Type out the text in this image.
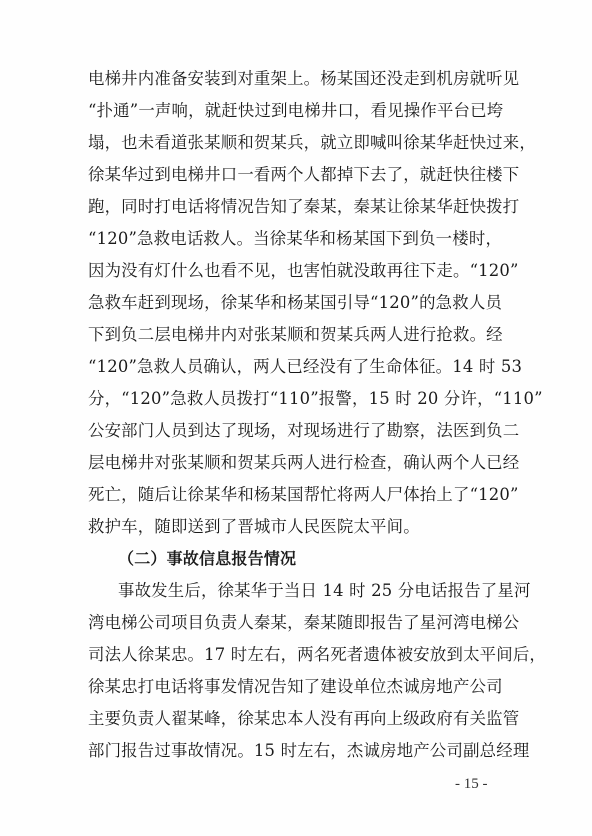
电梯井内准备安装到对重架上。杨某国还没走到机房就听见
“扑通”一声响，就赶快过到电梯井口，看见操作平台已垮
塌，也未看道张某顺和贺某兵，就立即喊叫徐某华赶快过来，
徐某华过到电梯井口一看两个人都掉下去了，就赶快往楼下
跑，同时打电话将情况告知了秦某，秦某让徐某华赶快拨打
“120”急救电话救人。当徐某华和杨某国下到负一楼时，
因为没有灯什么也看不见，也害怕就没敢再往下走。“120”
急救车赶到现场，徐某华和杨某国引导“120”的急救人员
下到负二层电梯井内对张某顺和贺某兵两人进行抢救。经
“120”急救人员确认，两人已经没有了生命体征。14 时 53
分，“120”急救人员拨打“110”报警，15 时 20 分许，“110”
公安部门人员到达了现场，对现场进行了勘察，法医到负二
层电梯井对张某顺和贺某兵两人进行检查，确认两个人已经
死亡，随后让徐某华和杨某国帮忙将两人尸体抬上了“120”
救护车，随即送到了晋城市人民医院太平间。
（二）事故信息报告情况
事故发生后，徐某华于当日 14 时 25 分电话报告了星河
湾电梯公司项目负责人秦某，秦某随即报告了星河湾电梯公
司法人徐某忠。17 时左右，两名死者遗体被安放到太平间后，
徐某忠打电话将事发情况告知了建设单位杰诚房地产公司
主要负责人翟某峰，徐某忠本人没有再向上级政府有关监管
部门报告过事故情况。15 时左右，杰诚房地产公司副总经理
- 15 -
